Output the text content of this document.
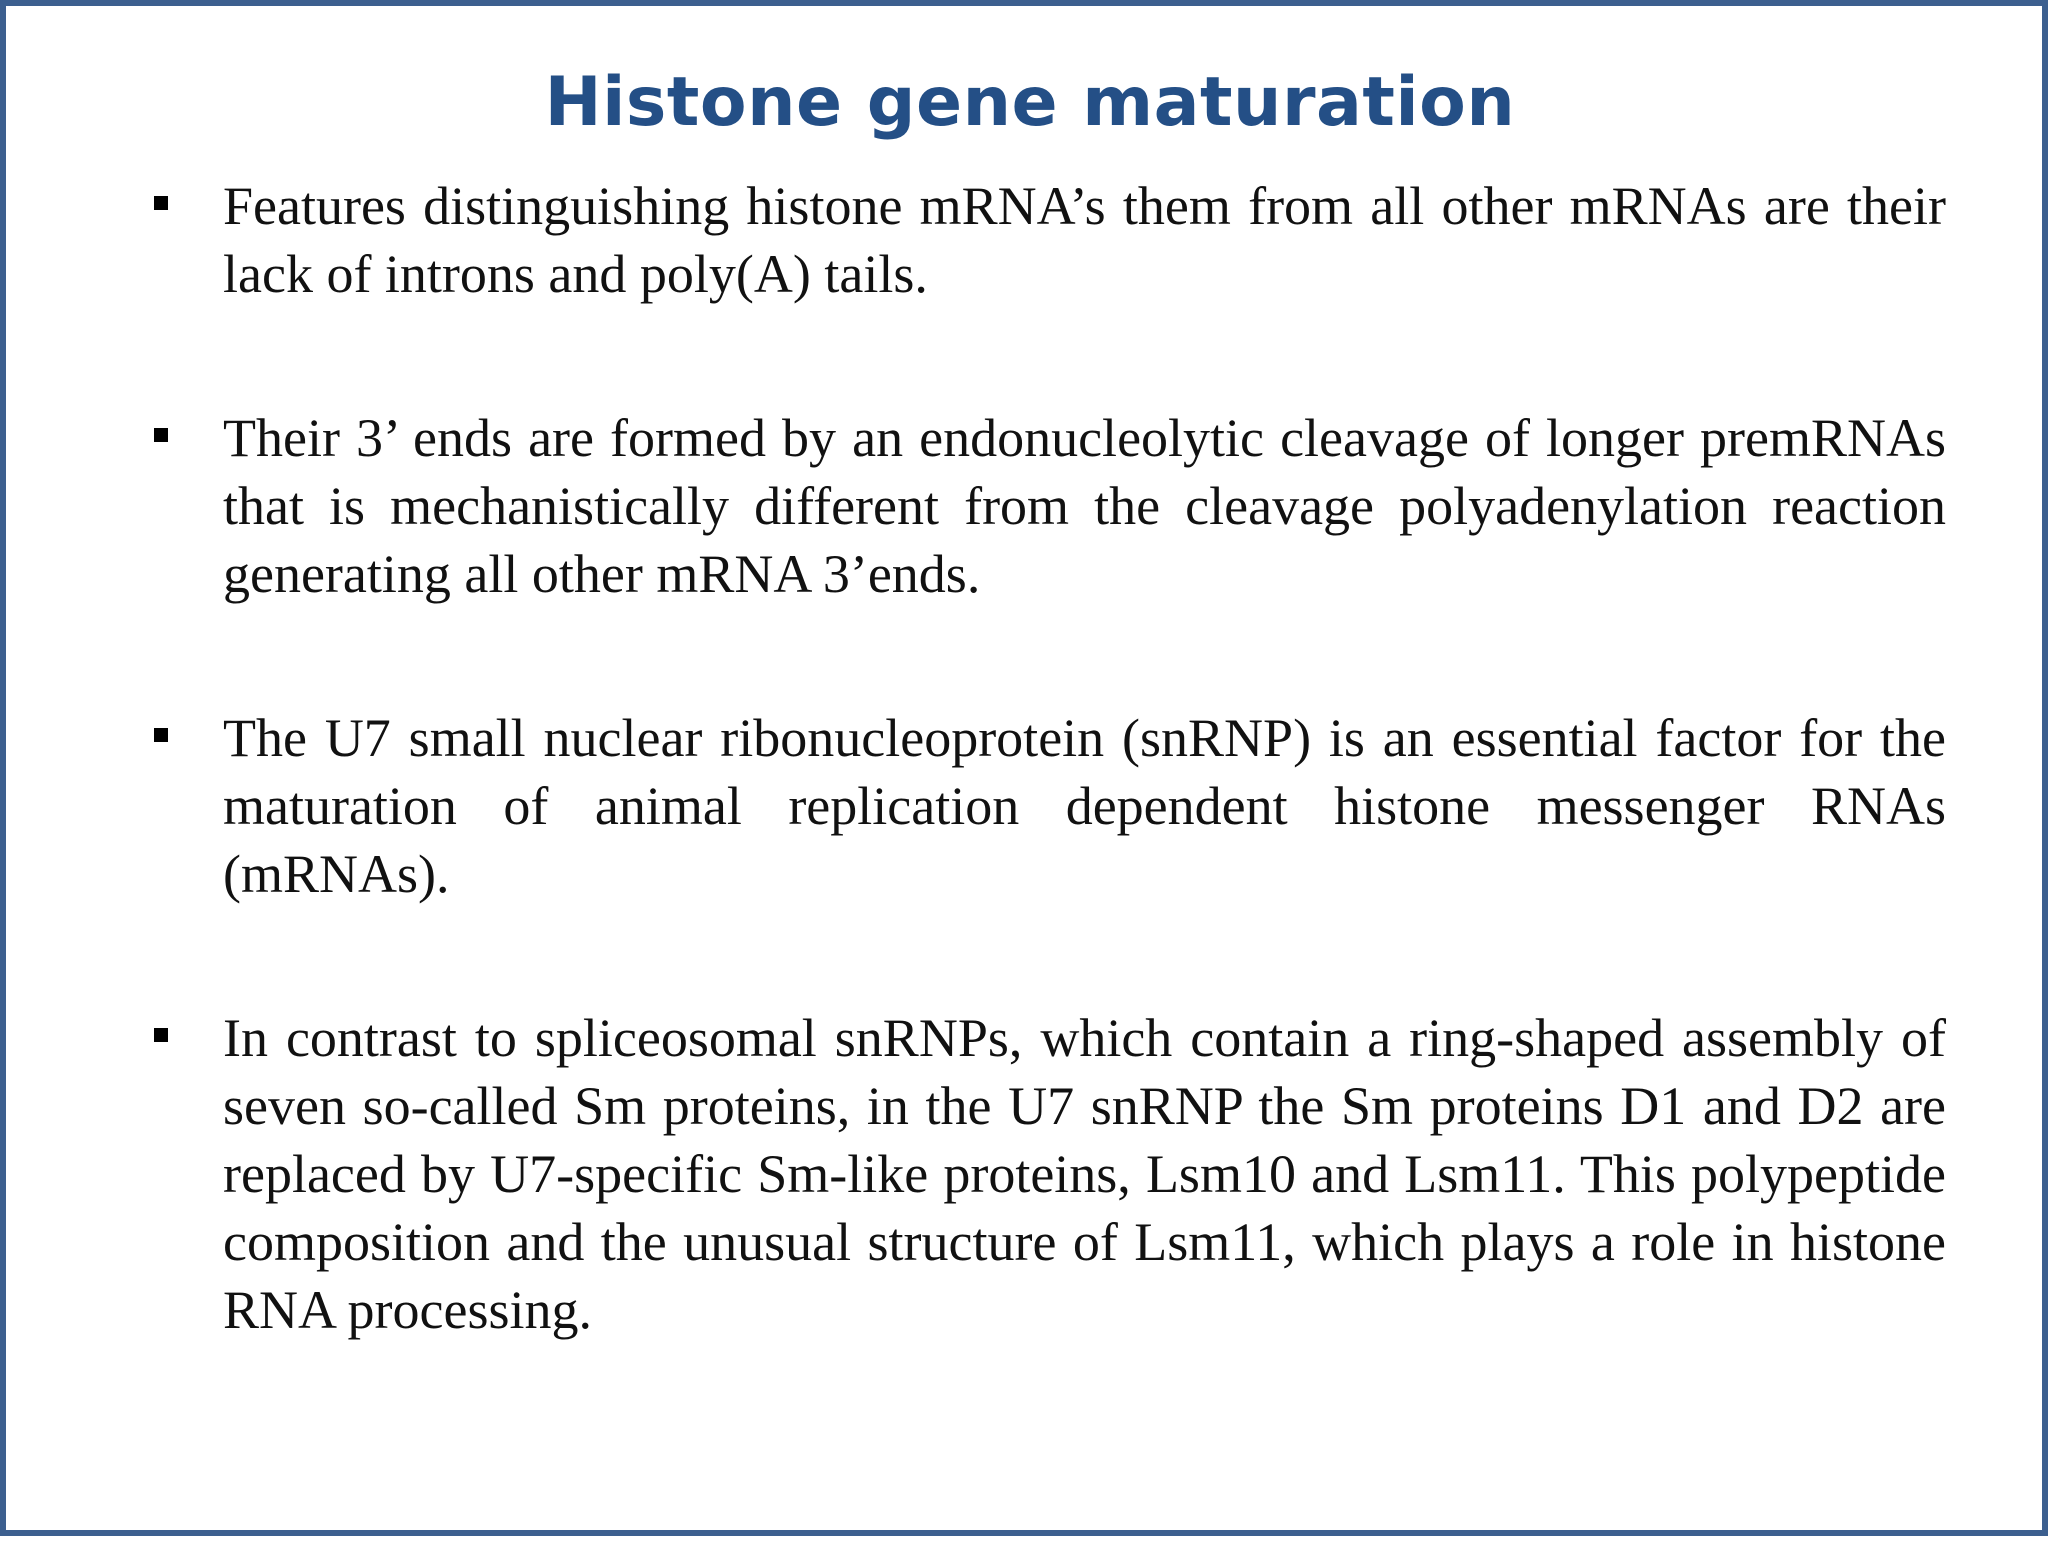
Histone gene maturation
Features distinguishing histone mRNA’s them from all other mRNAs are their lack of introns and poly(A) tails.
Their 3’ ends are formed by an endonucleolytic cleavage of longer premRNAs that is mechanistically different from the cleavage polyadenylation reaction generating all other mRNA 3’ends.
The U7 small nuclear ribonucleoprotein (snRNP) is an essential factor for the maturation of animal replication dependent histone messenger RNAs (mRNAs).
In contrast to spliceosomal snRNPs, which contain a ring-shaped assembly of seven so-called Sm proteins, in the U7 snRNP the Sm proteins D1 and D2 are replaced by U7-specific Sm-like proteins, Lsm10 and Lsm11. This polypeptide composition and the unusual structure of Lsm11, which plays a role in histone RNA processing.
